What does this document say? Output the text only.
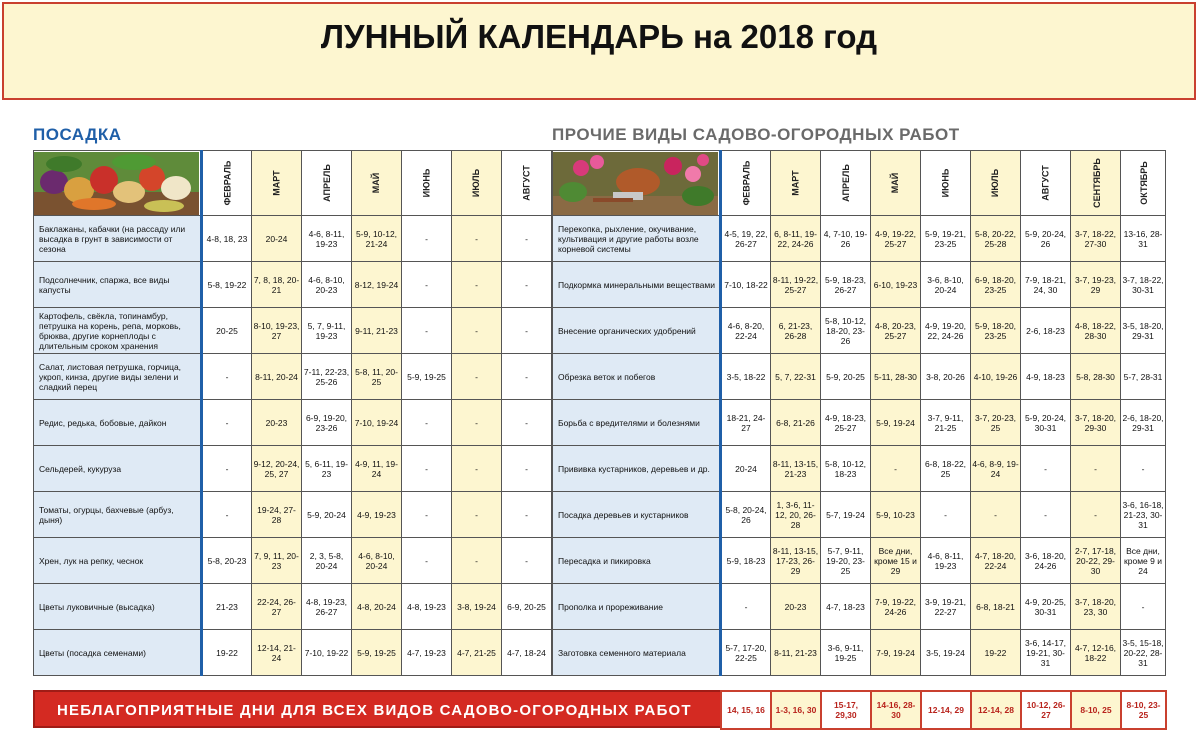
ЛУННЫЙ КАЛЕНДАРЬ на 2018 год
ПОСАДКА	ПРОЧИЕ ВИДЫ САДОВО-ОГОРОДНЫХ РАБОТ
	ФЕВРАЛЬ	МАРТ	АПРЕЛЬ	МАЙ	ИЮНЬ	ИЮЛЬ	АВГУСТ
Баклажаны, кабачки (на рассаду или высадка в грунт в зависимости от сезона	4-8, 18, 23	20-24	4-6, 8-11, 19-23	5-9, 10-12, 21-24	-	-	-
Подсолнечник, спаржа, все виды капусты	5-8, 19-22	7, 8, 18, 20-21	4-6, 8-10, 20-23	8-12, 19-24	-	-	-
Картофель, свёкла, топинамбур, петрушка на корень, репа, морковь, брюква, другие корнеплоды с длительным сроком хранения	20-25	8-10, 19-23, 27	5, 7, 9-11, 19-23	9-11, 21-23	-	-	-
Салат, листовая петрушка, горчица, укроп, кинза, другие виды зелени и сладкий перец	-	8-11, 20-24	7-11, 22-23, 25-26	5-8, 11, 20-25	5-9, 19-25	-	-
Редис, редька, бобовые, дайкон	-	20-23	6-9, 19-20, 23-26	7-10, 19-24	-	-	-
Сельдерей, кукуруза	-	9-12, 20-24, 25, 27	5, 6-11, 19-23	4-9, 11, 19-24	-	-	-
Томаты, огурцы, бахчевые (арбуз, дыня)	-	19-24, 27-28	5-9, 20-24	4-9, 19-23	-	-	-
Хрен, лук на репку, чеснок	5-8, 20-23	7, 9, 11, 20-23	2, 3, 5-8, 20-24	4-6, 8-10, 20-24	-	-	-
Цветы луковичные (высадка)	21-23	22-24, 26-27	4-8, 19-23, 26-27	4-8, 20-24	4-8, 19-23	3-8, 19-24	6-9, 20-25
Цветы (посадка семенами)	19-22	12-14, 21-24	7-10, 19-22	5-9, 19-25	4-7, 19-23	4-7, 21-25	4-7, 18-24
	ФЕВРАЛЬ	МАРТ	АПРЕЛЬ	МАЙ	ИЮНЬ	ИЮЛЬ	АВГУСТ	СЕНТЯБРЬ	ОКТЯБРЬ
Перекопка, рыхление, окучивание, культивация и другие работы возле корневой системы	4-5, 19, 22, 26-27	6, 8-11, 19-22, 24-26	4, 7-10, 19-26	4-9, 19-22, 25-27	5-9, 19-21, 23-25	5-8, 20-22, 25-28	5-9, 20-24, 26	3-7, 18-22, 27-30	13-16, 28-31
Подкормка минеральными веществами	7-10, 18-22	8-11, 19-22, 25-27	5-9, 18-23, 26-27	6-10, 19-23	3-6, 8-10, 20-24	6-9, 18-20, 23-25	7-9, 18-21, 24, 30	3-7, 19-23, 29	3-7, 18-22, 30-31
Внесение органических удобрений	4-6, 8-20, 22-24	6, 21-23, 26-28	5-8, 10-12, 18-20, 23-26	4-8, 20-23, 25-27	4-9, 19-20, 22, 24-26	5-9, 18-20, 23-25	2-6, 18-23	4-8, 18-22, 28-30	3-5, 18-20, 29-31
Обрезка веток и побегов	3-5, 18-22	5, 7, 22-31	5-9, 20-25	5-11, 28-30	3-8, 20-26	4-10, 19-26	4-9, 18-23	5-8, 28-30	5-7, 28-31
Борьба с вредителями и болезнями	18-21, 24-27	6-8, 21-26	4-9, 18-23, 25-27	5-9, 19-24	3-7, 9-11, 21-25	3-7, 20-23, 25	5-9, 20-24, 30-31	3-7, 18-20, 29-30	2-6, 18-20, 29-31
Прививка кустарников, деревьев и др.	20-24	8-11, 13-15, 21-23	5-8, 10-12, 18-23	-	6-8, 18-22, 25	4-6, 8-9, 19-24	-	-	-
Посадка деревьев и кустарников	5-8, 20-24, 26	1, 3-6, 11-12, 20, 26-28	5-7, 19-24	5-9, 10-23	-	-	-	-	3-6, 16-18, 21-23, 30-31
Пересадка и пикировка	5-9, 18-23	8-11, 13-15, 17-23, 26-29	5-7, 9-11, 19-20, 23-25	Все дни, кроме 15 и 29	4-6, 8-11, 19-23	4-7, 18-20, 22-24	3-6, 18-20, 24-26	2-7, 17-18, 20-22, 29-30	Все дни, кроме 9 и 24
Прополка и прореживание	-	20-23	4-7, 18-23	7-9, 19-22, 24-26	3-9, 19-21, 22-27	6-8, 18-21	4-9, 20-25, 30-31	3-7, 18-20, 23, 30	-
Заготовка семенного материала	5-7, 17-20, 22-25	8-11, 21-23	3-6, 9-11, 19-25	7-9, 19-24	3-5, 19-24	19-22	3-6, 14-17, 19-21, 30-31	4-7, 12-16, 18-22	3-5, 15-18, 20-22, 28-31
НЕБЛАГОПРИЯТНЫЕ ДНИ ДЛЯ ВСЕХ ВИДОВ САДОВО-ОГОРОДНЫХ РАБОТ	14, 15, 16	1-3, 16, 30	15-17, 29,30	14-16, 28-30	12-14, 29	12-14, 28	10-12, 26-27	8-10, 25	8-10, 23-25
